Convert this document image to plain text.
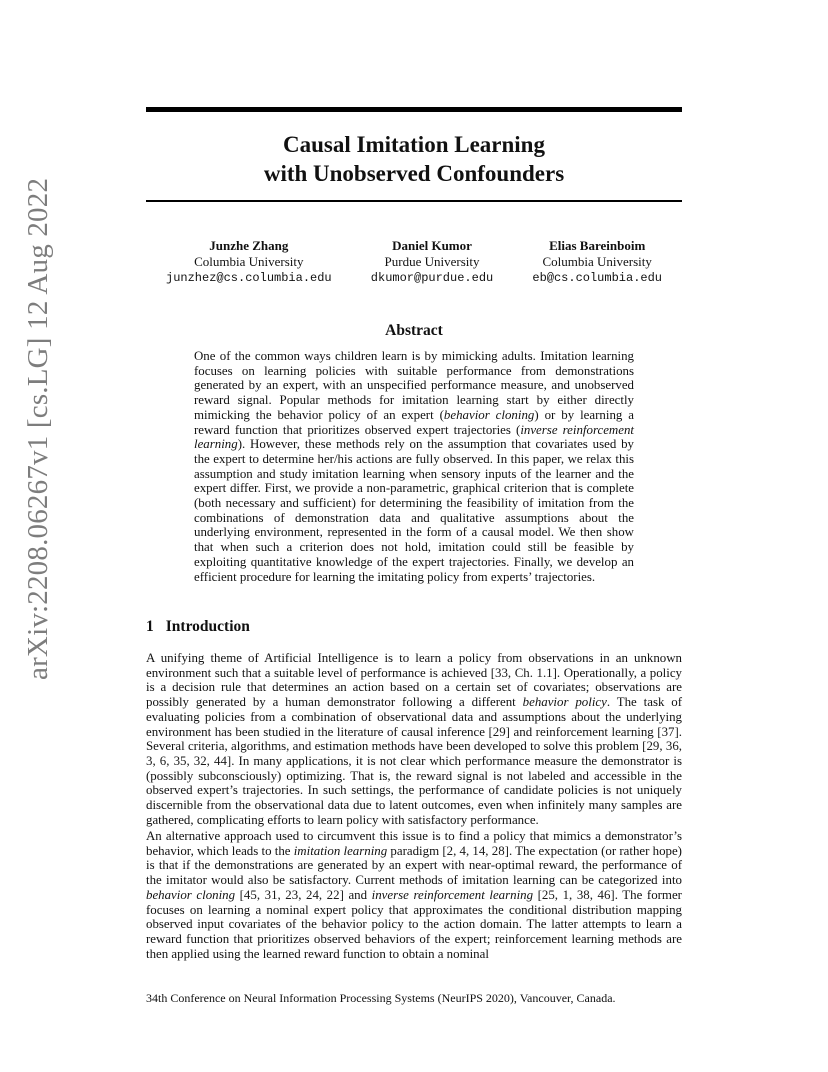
arXiv:2208.06267v1 [cs.LG] 12 Aug 2022
Causal Imitation Learning
with Unobserved Confounders
Junzhe Zhang
Columbia University
junzhez@cs.columbia.edu
Daniel Kumor
Purdue University
dkumor@purdue.edu
Elias Bareinboim
Columbia University
eb@cs.columbia.edu
Abstract
One of the common ways children learn is by mimicking adults. Imitation learning focuses on learning policies with suitable performance from demonstrations generated by an expert, with an unspecified performance measure, and unobserved reward signal. Popular methods for imitation learning start by either directly mimicking the behavior policy of an expert (behavior cloning) or by learning a reward function that prioritizes observed expert trajectories (inverse reinforcement learning). However, these methods rely on the assumption that covariates used by the expert to determine her/his actions are fully observed. In this paper, we relax this assumption and study imitation learning when sensory inputs of the learner and the expert differ. First, we provide a non-parametric, graphical criterion that is complete (both necessary and sufficient) for determining the feasibility of imitation from the combinations of demonstration data and qualitative assumptions about the underlying environment, represented in the form of a causal model. We then show that when such a criterion does not hold, imitation could still be feasible by exploiting quantitative knowledge of the expert trajectories. Finally, we develop an efficient procedure for learning the imitating policy from experts’ trajectories.
1 Introduction
A unifying theme of Artificial Intelligence is to learn a policy from observations in an unknown environment such that a suitable level of performance is achieved [33, Ch. 1.1]. Operationally, a policy is a decision rule that determines an action based on a certain set of covariates; observations are possibly generated by a human demonstrator following a different behavior policy. The task of evaluating policies from a combination of observational data and assumptions about the underlying environment has been studied in the literature of causal inference [29] and reinforcement learning [37]. Several criteria, algorithms, and estimation methods have been developed to solve this problem [29, 36, 3, 6, 35, 32, 44]. In many applications, it is not clear which performance measure the demonstrator is (possibly subconsciously) optimizing. That is, the reward signal is not labeled and accessible in the observed expert’s trajectories. In such settings, the performance of candidate policies is not uniquely discernible from the observational data due to latent outcomes, even when infinitely many samples are gathered, complicating efforts to learn policy with satisfactory performance.
An alternative approach used to circumvent this issue is to find a policy that mimics a demonstrator’s behavior, which leads to the imitation learning paradigm [2, 4, 14, 28]. The expectation (or rather hope) is that if the demonstrations are generated by an expert with near-optimal reward, the performance of the imitator would also be satisfactory. Current methods of imitation learning can be categorized into behavior cloning [45, 31, 23, 24, 22] and inverse reinforcement learning [25, 1, 38, 46]. The former focuses on learning a nominal expert policy that approximates the conditional distribution mapping observed input covariates of the behavior policy to the action domain. The latter attempts to learn a reward function that prioritizes observed behaviors of the expert; reinforcement learning methods are then applied using the learned reward function to obtain a nominal
34th Conference on Neural Information Processing Systems (NeurIPS 2020), Vancouver, Canada.
